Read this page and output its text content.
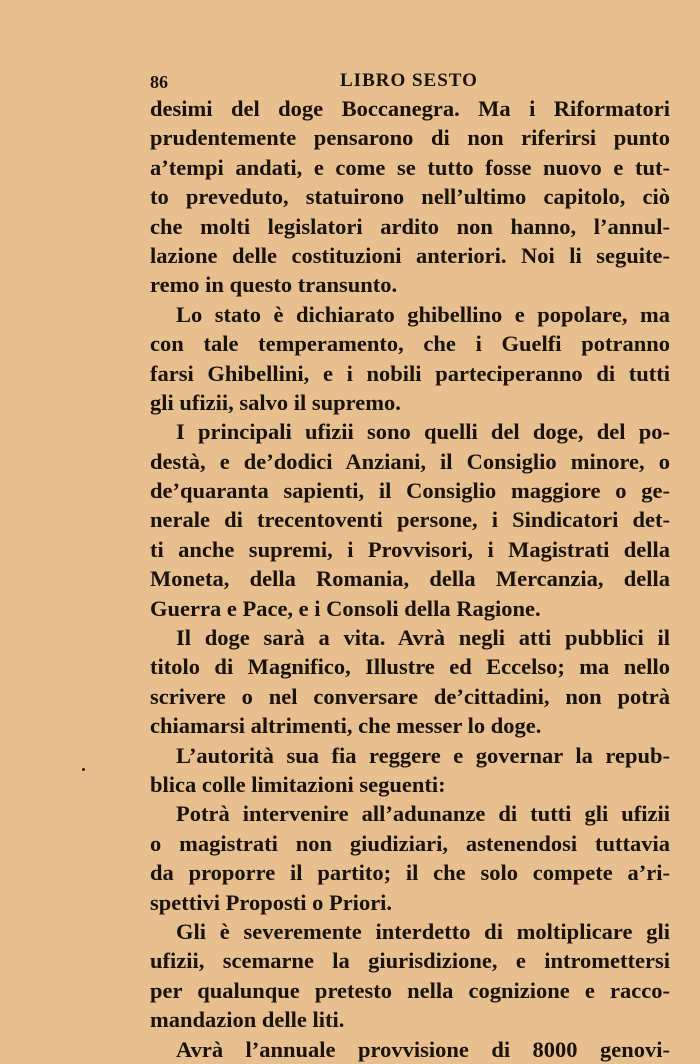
86	LIBRO SESTO
desimi del doge Boccanegra. Ma i Riformatori
prudentemente pensarono di non riferirsi punto
a’tempi andati, e come se tutto fosse nuovo e tut-
to preveduto, statuirono nell’ultimo capitolo, ciò
che molti legislatori ardito non hanno, l’annul-
lazione delle costituzioni anteriori. Noi li seguite-
remo in questo transunto.
Lo stato è dichiarato ghibellino e popolare, ma
con tale temperamento, che i Guelfi potranno
farsi Ghibellini, e i nobili parteciperanno di tutti
gli ufizii, salvo il supremo.
I principali ufizii sono quelli del doge, del po-
destà, e de’dodici Anziani, il Consiglio minore, o
de’quaranta sapienti, il Consiglio maggiore o ge-
nerale di trecentoventi persone, i Sindicatori det-
ti anche supremi, i Provvisori, i Magistrati della
Moneta, della Romania, della Mercanzia, della
Guerra e Pace, e i Consoli della Ragione.
Il doge sarà a vita. Avrà negli atti pubblici il
titolo di Magnifico, Illustre ed Eccelso; ma nello
scrivere o nel conversare de’cittadini, non potrà
chiamarsi altrimenti, che messer lo doge.
L’autorità sua fia reggere e governar la repub-
blica colle limitazioni seguenti:
Potrà intervenire all’adunanze di tutti gli ufizii
o magistrati non giudiziari, astenendosi tuttavia
da proporre il partito; il che solo compete a’ri-
spettivi Proposti o Priori.
Gli è severemente interdetto di moltiplicare gli
ufizii, scemarne la giurisdizione, e intromettersi
per qualunque pretesto nella cognizione e racco-
mandazion delle liti.
Avrà l’annuale provvisione di 8000 genovi-
